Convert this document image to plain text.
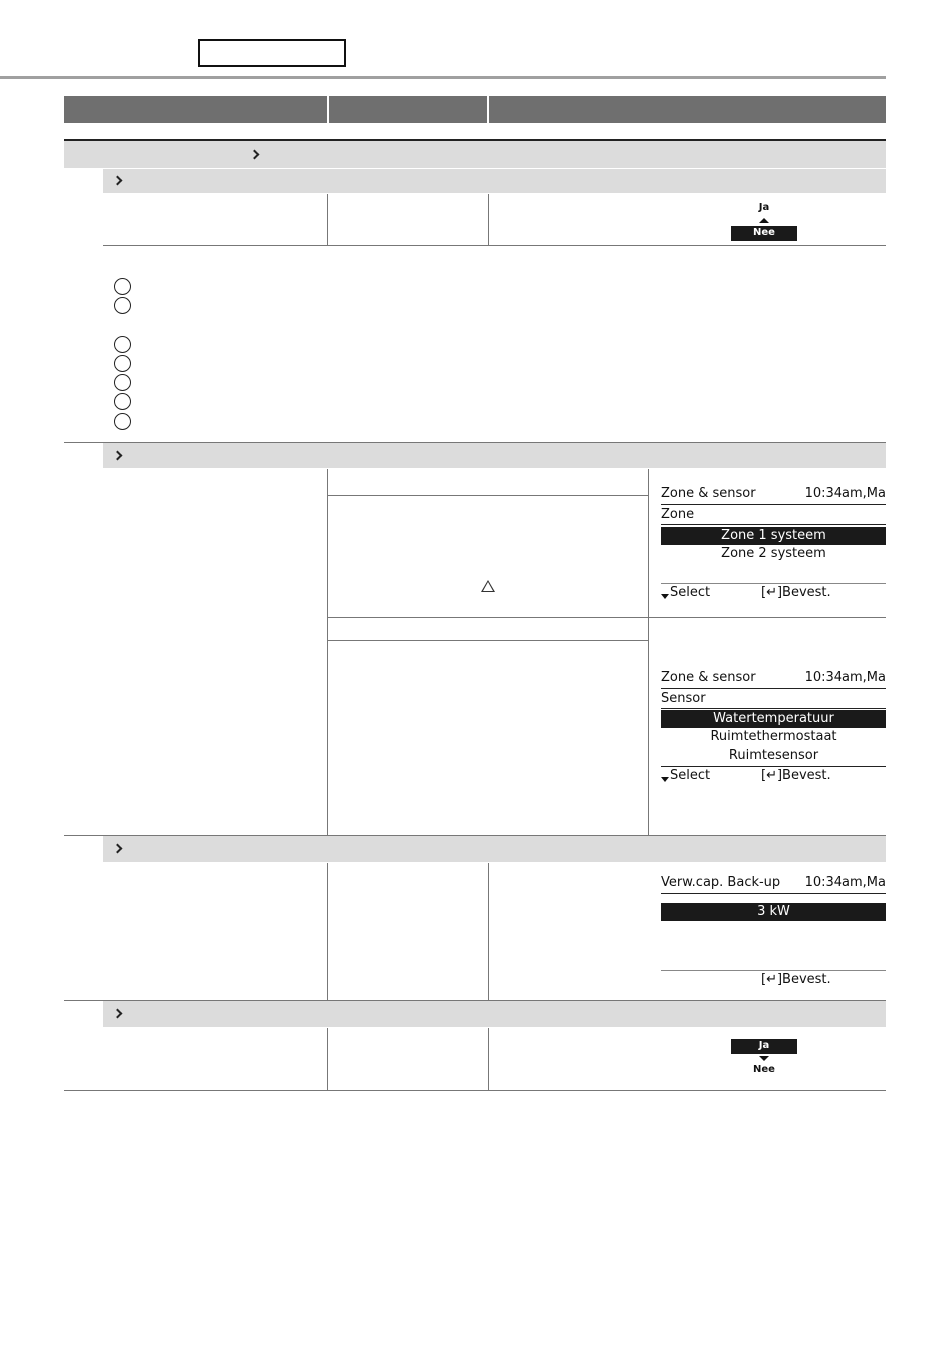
Ja
Nee
Zone & sensor	10:34am,Ma
Zone
Zone 1 systeem
Zone 2 systeem
Select	[↵]Bevest.
Zone & sensor	10:34am,Ma
Sensor
Watertemperatuur
Ruimtethermostaat
Ruimtesensor
Select	[↵]Bevest.
Verw.cap. Back-up 10:34am,Ma
3 kW
[↵]Bevest.
Ja
Nee
